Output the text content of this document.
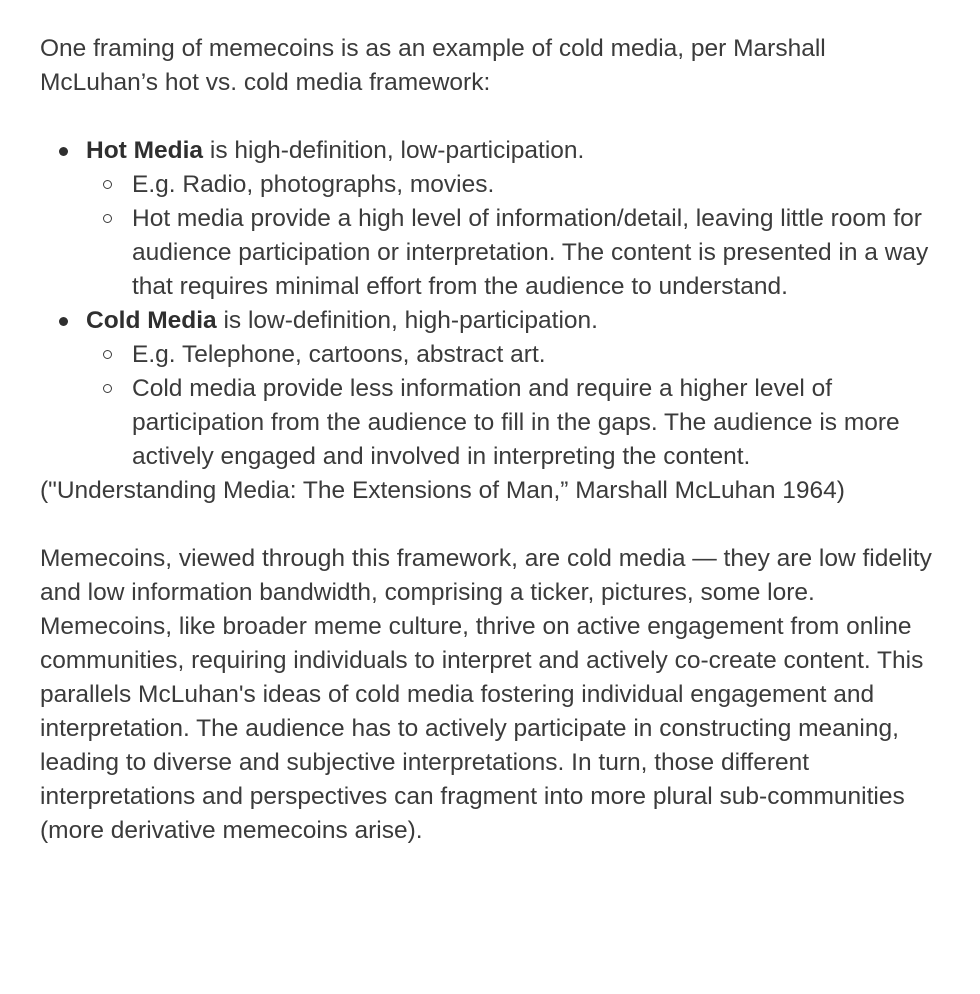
One framing of memecoins is as an example of cold media, per Marshall McLuhan’s hot vs. cold media framework:

Hot Media is high-definition, low-participation.
E.g. Radio, photographs, movies.
Hot media provide a high level of information/detail, leaving little room for audience participation or interpretation. The content is presented in a way that requires minimal effort from the audience to understand.
Cold Media is low-definition, high-participation.
E.g. Telephone, cartoons, abstract art.
Cold media provide less information and require a higher level of participation from the audience to fill in the gaps. The audience is more actively engaged and involved in interpreting the content.

("Understanding Media: The Extensions of Man,” Marshall McLuhan 1964)

Memecoins, viewed through this framework, are cold media — they are low fidelity and low information bandwidth, comprising a ticker, pictures, some lore. Memecoins, like broader meme culture, thrive on active engagement from online communities, requiring individuals to interpret and actively co-create content. This parallels McLuhan's ideas of cold media fostering individual engagement and interpretation. The audience has to actively participate in constructing meaning, leading to diverse and subjective interpretations. In turn, those different interpretations and perspectives can fragment into more plural sub-communities (more derivative memecoins arise).
